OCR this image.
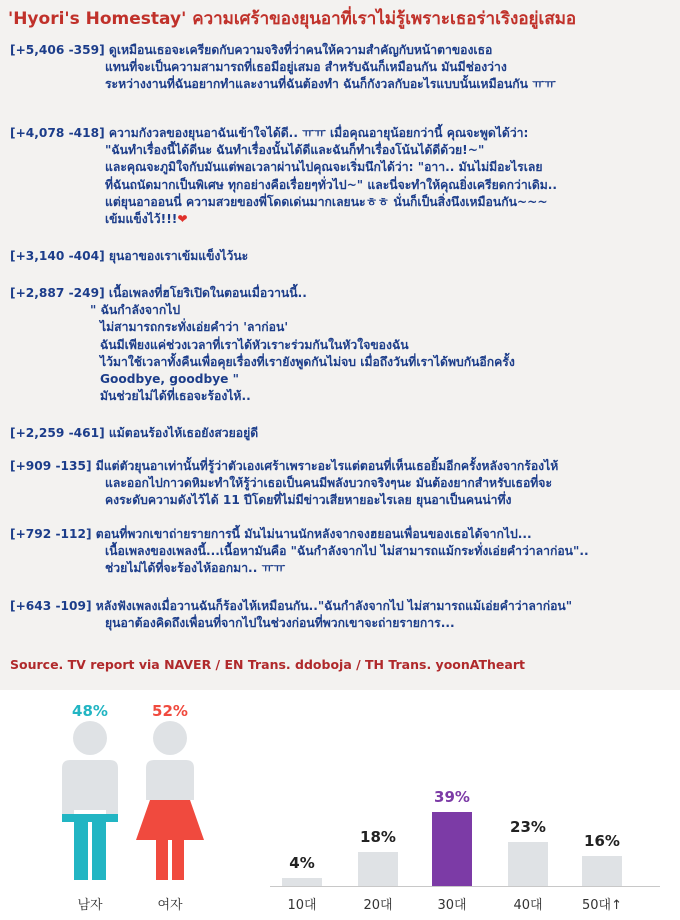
'Hyori's Homestay' ความเศร้าของยุนอาที่เราไม่รู้เพราะเธอร่าเริงอยู่เสมอ
[+5,406 -359] ดูเหมือนเธอจะเครียดกับความจริงที่ว่าคนให้ความสำคัญกับหน้าตาของเธอ
แทนที่จะเป็นความสามารถที่เธอมีอยู่เสมอ สำหรับฉันก็เหมือนกัน มันมีช่องว่าง
ระหว่างงานที่ฉันอยากทำและงานที่ฉันต้องทำ ฉันก็กังวลกับอะไรแบบนั้นเหมือนกัน ㅠㅠ
[+4,078 -418] ความกังวลของยุนอาฉันเข้าใจได้ดี.. ㅠㅠ เมื่อคุณอายุน้อยกว่านี้ คุณจะพูดได้ว่า:
"ฉันทำเรื่องนี้ได้ดีนะ ฉันทำเรื่องนั้นได้ดีและฉันก็ทำเรื่องโน้นได้ดีด้วย!~"
และคุณจะภูมิใจกับมันแต่พอเวลาผ่านไปคุณจะเริ่มนึกได้ว่า: "อาา.. มันไม่มีอะไรเลย
ที่ฉันถนัดมากเป็นพิเศษ ทุกอย่างคือเรื่อยๆทั่วไป~" และนี่จะทำให้คุณยิ่งเครียดกว่าเดิม..
แต่ยุนอาออนนี่ ความสวยของพี่โดดเด่นมากเลยนะㅎㅎ นั่นก็เป็นสิ่งนึงเหมือนกัน~~~
เข้มแข็งไว้!!!❤
[+3,140 -404] ยุนอาของเราเข้มแข็งไว้นะ
[+2,887 -249] เนื้อเพลงที่ฮโยริเปิดในตอนเมื่อวานนี้..
" ฉันกำลังจากไป
ไม่สามารถกระทั่งเอ่ยคำว่า 'ลาก่อน'
ฉันมีเพียงแค่ช่วงเวลาที่เราได้หัวเราะร่วมกันในหัวใจของฉัน
ไว้มาใช้เวลาทั้งคืนเพื่อคุยเรื่องที่เรายังพูดกันไม่จบ เมื่อถึงวันที่เราได้พบกันอีกครั้ง
Goodbye, goodbye "
มันช่วยไม่ได้ที่เธอจะร้องไห้..
[+2,259 -461] แม้ตอนร้องไห้เธอยังสวยอยู่ดี
[+909 -135] มีแต่ตัวยุนอาเท่านั้นที่รู้ว่าตัวเองเศร้าเพราะอะไรแต่ตอนที่เห็นเธอยิ้มอีกครั้งหลังจากร้องไห้
และออกไปกาวดหิมะทำให้รู้ว่าเธอเป็นคนมีพลังบวกจริงๆนะ มันต้องยากสำหรับเธอที่จะ
คงระดับความดังไว้ได้ 11 ปีโดยที่ไม่มีข่าวเสียหายอะไรเลย ยุนอาเป็นคนน่าทึ่ง
[+792 -112] ตอนที่พวกเขาถ่ายรายการนี้ มันไม่นานนักหลังจากจงฮยอนเพื่อนของเธอได้จากไป...
เนื้อเพลงของเพลงนี้...เนื้อหามันคือ "ฉันกำลังจากไป ไม่สามารถแม้กระทั่งเอ่ยคำว่าลาก่อน"..
ช่วยไม่ได้ที่จะร้องไห้ออกมา.. ㅠㅠ
[+643 -109] หลังฟังเพลงเมื่อวานฉันก็ร้องไห้เหมือนกัน.."ฉันกำลังจากไป ไม่สามารถแม้เอ่ยคำว่าลาก่อน"
ยุนอาต้องคิดถึงเพื่อนที่จากไปในช่วงก่อนที่พวกเขาจะถ่ายรายการ...
Source. TV report via NAVER / EN Trans. ddoboja / TH Trans. yoonATheart
48%	52%
남자	여자
4%
10대
18%
20대
39%
30대
23%
40대
16%
50대↑
